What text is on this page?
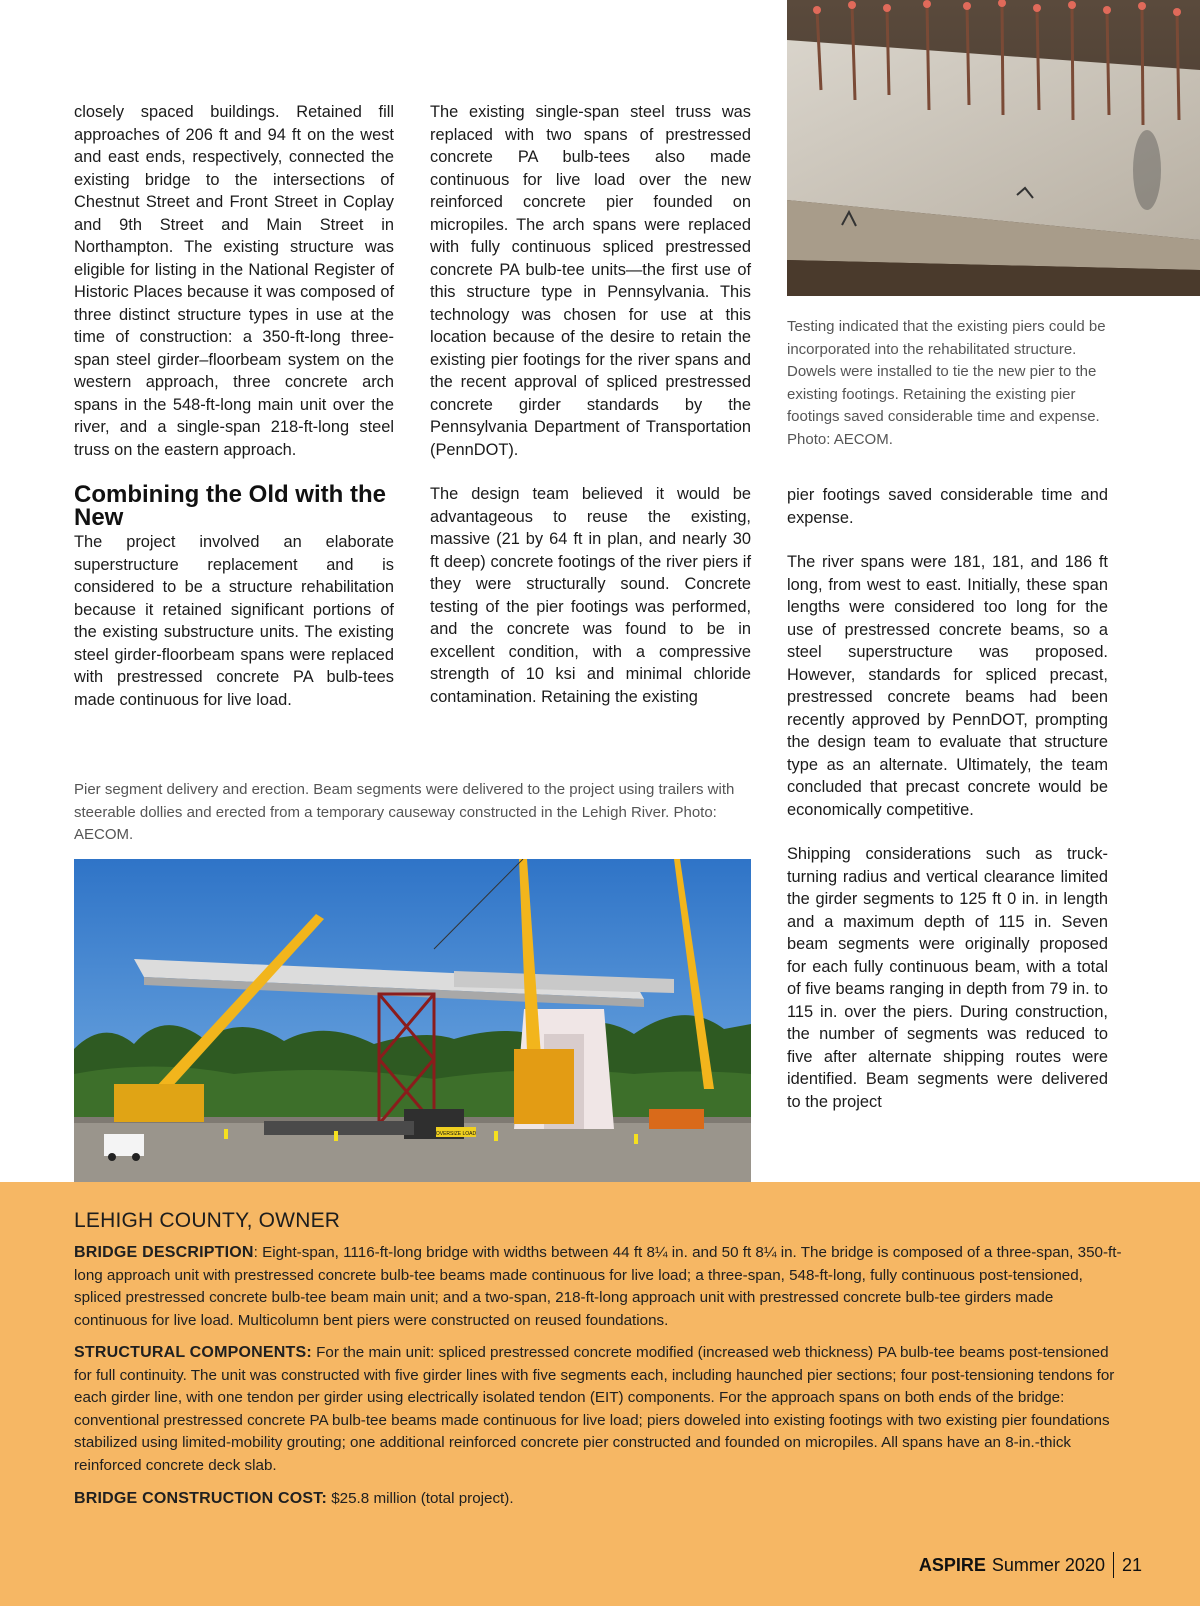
Testing indicated that the existing piers could be incorporated into the rehabilitated structure. Dowels were installed to tie the new pier to the existing footings. Retaining the existing pier footings saved considerable time and expense. Photo: AECOM.

closely spaced buildings. Retained fill approaches of 206 ft and 94 ft on the west and east ends, respectively, connected the existing bridge to the intersections of Chestnut Street and Front Street in Coplay and 9th Street and Main Street in Northampton. The existing structure was eligible for listing in the National Register of Historic Places because it was composed of three distinct structure types in use at the time of construction: a 350-ft-long three-span steel girder–floorbeam system on the western approach, three concrete arch spans in the 548-ft-long main unit over the river, and a single-span 218-ft-long steel truss on the eastern approach.

Combining the Old with the New

The project involved an elaborate superstructure replacement and is considered to be a structure rehabilitation because it retained significant portions of the existing substructure units. The existing steel girder-floorbeam spans were replaced with prestressed concrete PA bulb-tees made continuous for live load.

The existing single-span steel truss was replaced with two spans of prestressed concrete PA bulb-tees also made continuous for live load over the new reinforced concrete pier founded on micropiles. The arch spans were replaced with fully continuous spliced prestressed concrete PA bulb-tee units—the first use of this structure type in Pennsylvania. This technology was chosen for use at this location because of the desire to retain the existing pier footings for the river spans and the recent approval of spliced prestressed concrete girder standards by the Pennsylvania Department of Transportation (PennDOT).

The design team believed it would be advantageous to reuse the existing, massive (21 by 64 ft in plan, and nearly 30 ft deep) concrete footings of the river piers if they were structurally sound. Concrete testing of the pier footings was performed, and the concrete was found to be in excellent condition, with a compressive strength of 10 ksi and minimal chloride contamination. Retaining the existing

pier footings saved considerable time and expense.

The river spans were 181, 181, and 186 ft long, from west to east. Initially, these span lengths were considered too long for the use of prestressed concrete beams, so a steel superstructure was proposed. However, standards for spliced precast, prestressed concrete beams had been recently approved by PennDOT, prompting the design team to evaluate that structure type as an alternate. Ultimately, the team concluded that precast concrete would be economically competitive.

Shipping considerations such as truck-turning radius and vertical clearance limited the girder segments to 125 ft 0 in. in length and a maximum depth of 115 in. Seven beam segments were originally proposed for each fully continuous beam, with a total of five beams ranging in depth from 79 in. to 115 in. over the piers. During construction, the number of segments was reduced to five after alternate shipping routes were identified. Beam segments were delivered to the project

Pier segment delivery and erection. Beam segments were delivered to the project using trailers with steerable dollies and erected from a temporary causeway constructed in the Lehigh River. Photo: AECOM.
OVERSIZE LOAD
LEHIGH COUNTY, OWNER
BRIDGE DESCRIPTION: Eight-span, 1116-ft-long bridge with widths between 44 ft 8¼ in. and 50 ft 8¼ in. The bridge is composed of a three-span, 350-ft-long approach unit with prestressed concrete bulb-tee beams made continuous for live load; a three-span, 548-ft-long, fully continuous post-tensioned, spliced prestressed concrete bulb-tee beam main unit; and a two-span, 218-ft-long approach unit with prestressed concrete bulb-tee girders made continuous for live load. Multicolumn bent piers were constructed on reused foundations.
STRUCTURAL COMPONENTS: For the main unit: spliced prestressed concrete modified (increased web thickness) PA bulb-tee beams post-tensioned for full continuity. The unit was constructed with five girder lines with five segments each, including haunched pier sections; four post-tensioning tendons for each girder line, with one tendon per girder using electrically isolated tendon (EIT) components. For the approach spans on both ends of the bridge: conventional prestressed concrete PA bulb-tee beams made continuous for live load; piers doweled into existing footings with two existing pier foundations stabilized using limited-mobility grouting; one additional reinforced concrete pier constructed and founded on micropiles. All spans have an 8-in.-thick reinforced concrete deck slab.
BRIDGE CONSTRUCTION COST: $25.8 million (total project).
ASPIRE Summer 2020 21
